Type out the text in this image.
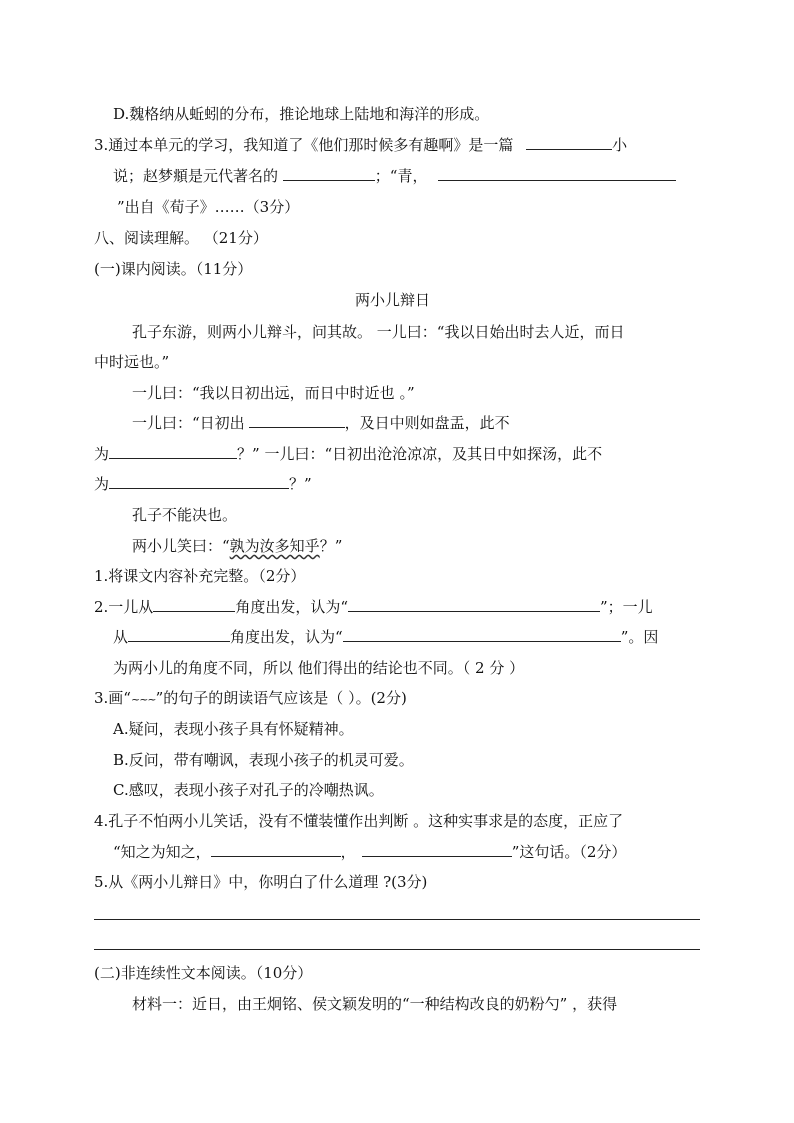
D.魏格纳从蚯蚓的分布，推论地球上陆地和海洋的形成。
3.通过本单元的学习，我知道了《他们那时候多有趣啊》是一篇	小
说；赵梦頫是元代著名的	；“青，
”出自《荀子》……（3分）
八、阅读理解。 （21分）
(一)课内阅读。（11分）
两小儿辩日
孔子东游，则两小儿辩斗，问其故。 一儿曰：“我以日始出时去人近，而日
中时远也。”
一儿曰：“我以日初出远，而日中时近也 。”
一儿曰：“日初出	，及日中则如盘盂，此不
为	？” 一儿曰：“日初出沧沧凉凉，及其日中如探汤，此不
为	？”
孔子不能决也。
两小儿笑曰：“孰为汝多知乎？”
1.将课文内容补充完整。（2分）
2.一儿从	角度出发，认为“	”；一儿
从	角度出发，认为“	”。因
为两小儿的角度不同，所以 他们得出的结论也不同。（ 2 分 ）
3.画“~~~”的句子的朗读语气应该是（ ）。(2分)
A.疑问，表现小孩子具有怀疑精神。
B.反问，带有嘲讽，表现小孩子的机灵可爱。
C.感叹，表现小孩子对孔子的冷嘲热讽。
4.孔子不怕两小儿笑话，没有不懂装懂作出判断 。这种实事求是的态度，正应了
“知之为知之，	，	”这句话。（2分）
5.从《两小儿辩日》中，你明白了什么道理 ?(3分)
(二)非连续性文本阅读。（10分）
材料一：近日，由王炯铭、侯文颖发明的“一种结构改良的奶粉勺” ，获得
